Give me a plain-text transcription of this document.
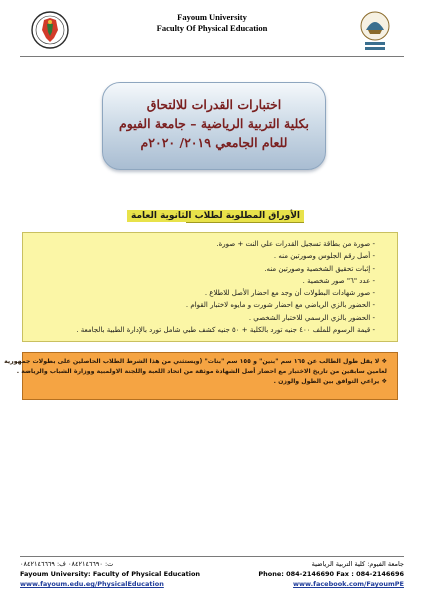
Fayoum University
Faculty Of Physical Education
اختبارات القدرات للالتحاق
بكلية التربية الرياضية – جامعة الفيوم
للعام الجامعي ٢٠١٩/ ٢٠٢٠م
الأوراق المطلوبة لطلاب الثانوية العامة
- صورة من بطاقة تسجيل القدرات علي النت + صورة.
- أصل رقم الجلوس وصورتين منه .
- إثبات تحقيق الشخصية وصورتين منه.
- عدد "٦" صور شخصية .
- صور شهادات البطولات أن وجد مع احضار الأصل للاطلاع .
- الحضور بالزي الرياضي مع احضار شورت و مايوه لاختبار القوام .
- الحضور بالزي الرسمي للاختبار الشخصي .
- قيمة الرسوم للملف ٤٠٠ جنيه تورد بالكلية + ٥٠ جنيه كشف طبي شامل تورد بالإدارة الطبية بالجامعة .

❖ لا يقل طول الطالب عن ١٦٥ سم "بنين" و ١٥٥ سم "بنات" (ويستثني من هذا الشرط الطلاب الحاصلين على بطولات جمهورية

لعامين سابقين من تاريخ الاختبار مع احضار أصل الشهادة موثقة من اتحاد اللعبة واللجنة الاولمبية ووزارة الشباب والرياضة .

❖ يراعي التوافق بين الطول والوزن .

ت: ٠٨٤٢١٤٦٦٩٠ ف: ٠٨٤٢١٤٦٦٦٩	جامعة الفيوم: كلية التربية الرياضية
Fayoum University: Faculty of Physical Education	Phone: 084-2146690 Fax : 084-2146696
www.fayoum.edu.eg/PhysicalEducation	www.facebook.com/FayoumPE
